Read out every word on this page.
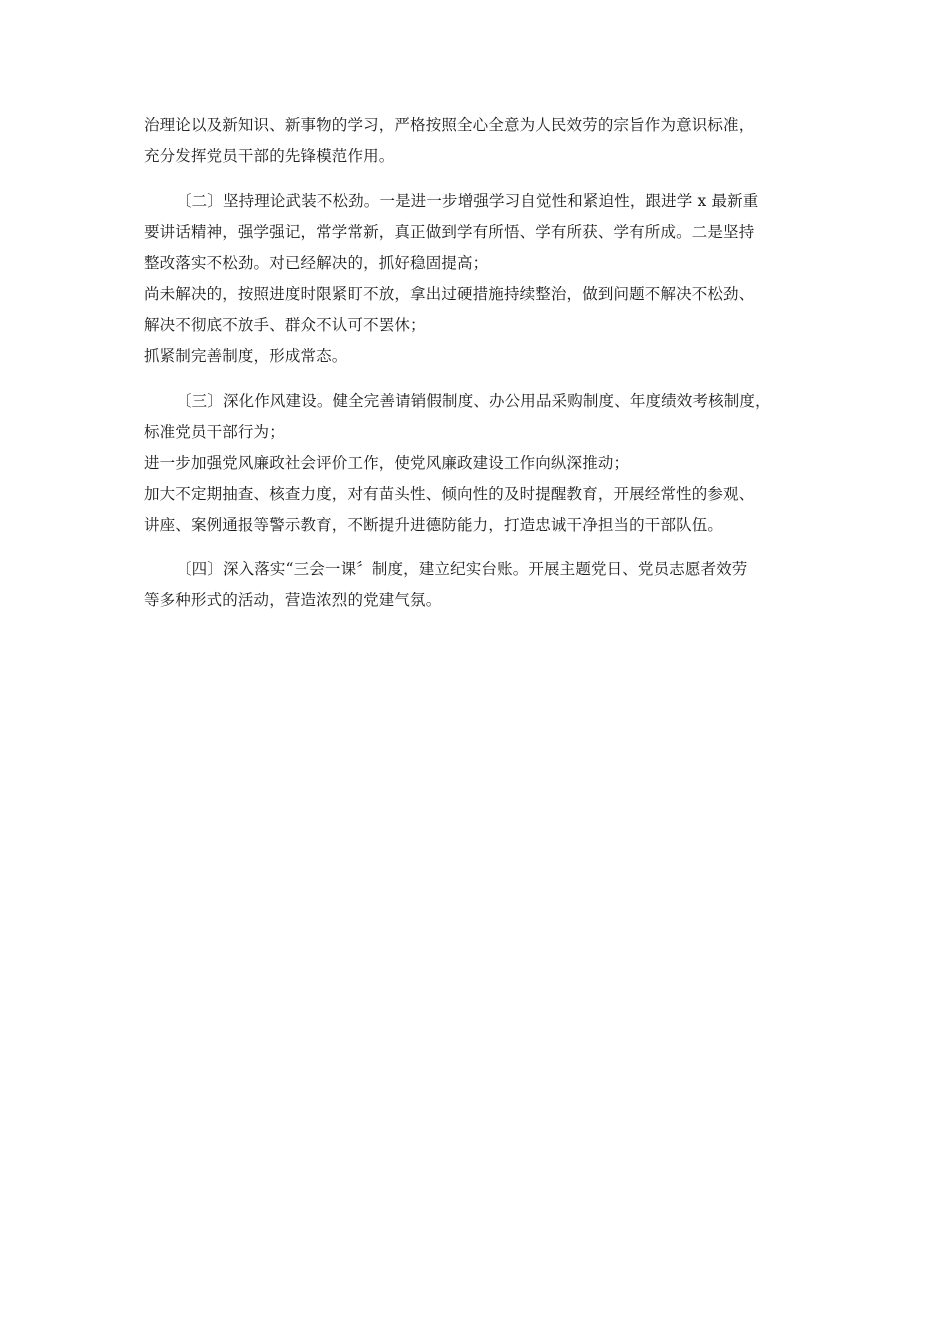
治理论以及新知识、新事物的学习，严格按照全心全意为人民效劳的宗旨作为意识标准，
充分发挥党员干部的先锋模范作用。
〔二〕坚持理论武装不松劲。一是进一步增强学习自觉性和紧迫性，跟进学 x 最新重
要讲话精神，强学强记，常学常新，真正做到学有所悟、学有所获、学有所成。二是坚持
整改落实不松劲。对已经解决的，抓好稳固提高；
尚未解决的，按照进度时限紧盯不放，拿出过硬措施持续整治，做到问题不解决不松劲、
解决不彻底不放手、群众不认可不罢休；
抓紧制完善制度，形成常态。
〔三〕深化作风建设。健全完善请销假制度、办公用品采购制度、年度绩效考核制度，
标准党员干部行为；
进一步加强党风廉政社会评价工作，使党风廉政建设工作向纵深推动；
加大不定期抽查、核查力度，对有苗头性、倾向性的及时提醒教育，开展经常性的参观、
讲座、案例通报等警示教育，不断提升进德防能力，打造忠诚干净担当的干部队伍。
〔四〕深入落实“三会一课〞制度，建立纪实台账。开展主题党日、党员志愿者效劳
等多种形式的活动，营造浓烈的党建气氛。
